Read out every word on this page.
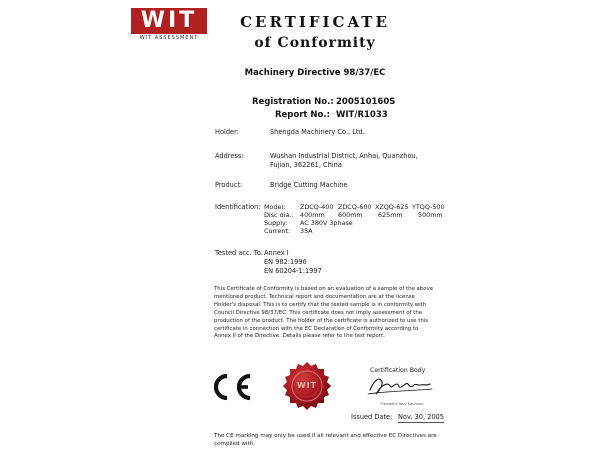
WIT
WIT ASSESSMENT
CERTIFICATE
of Conformity
Machinery Directive 98/37/EC
Registration No.: 200510160S
Report No.: WIT/R1033
Holder:	Shengda Machinery Co., Ltd.
Address:	Wushan Industrial District, Anhai, Quanzhou,
Fujian, 362261, China
Product:	Bridge Cutting Machine
Identification: Model: ZDCQ-400 ZDCQ-600 XZQQ-625 YTQQ-500
Disc dia.: 400mm 600mm 625mm 500mm
Supply: AC 380V 3phase
Current: 35A
Tested acc. To: Annex I
EN 982:1996
EN 60204-1:1997
This Certificate of Conformity is based on an evaluation of a sample of the above
mentioned product. Technical report and documentation are at the license
Holder's disposal. This is to certify that the tested sample is in conformity with
Council Directive 98/37/EC. This certificate does not imply assessment of the
production of the product. The holder of the certificate is authorized to use this
certificate in connection with the EC Declaration of Conformity according to
Annex II of the Directive. Details please refer to the test report.
WIT
Certification Body
President Tony Kaufman
Issued Date: Nov. 30, 2005
The CE marking may only be used if all relevant and effective EC Directives are
complied with.
